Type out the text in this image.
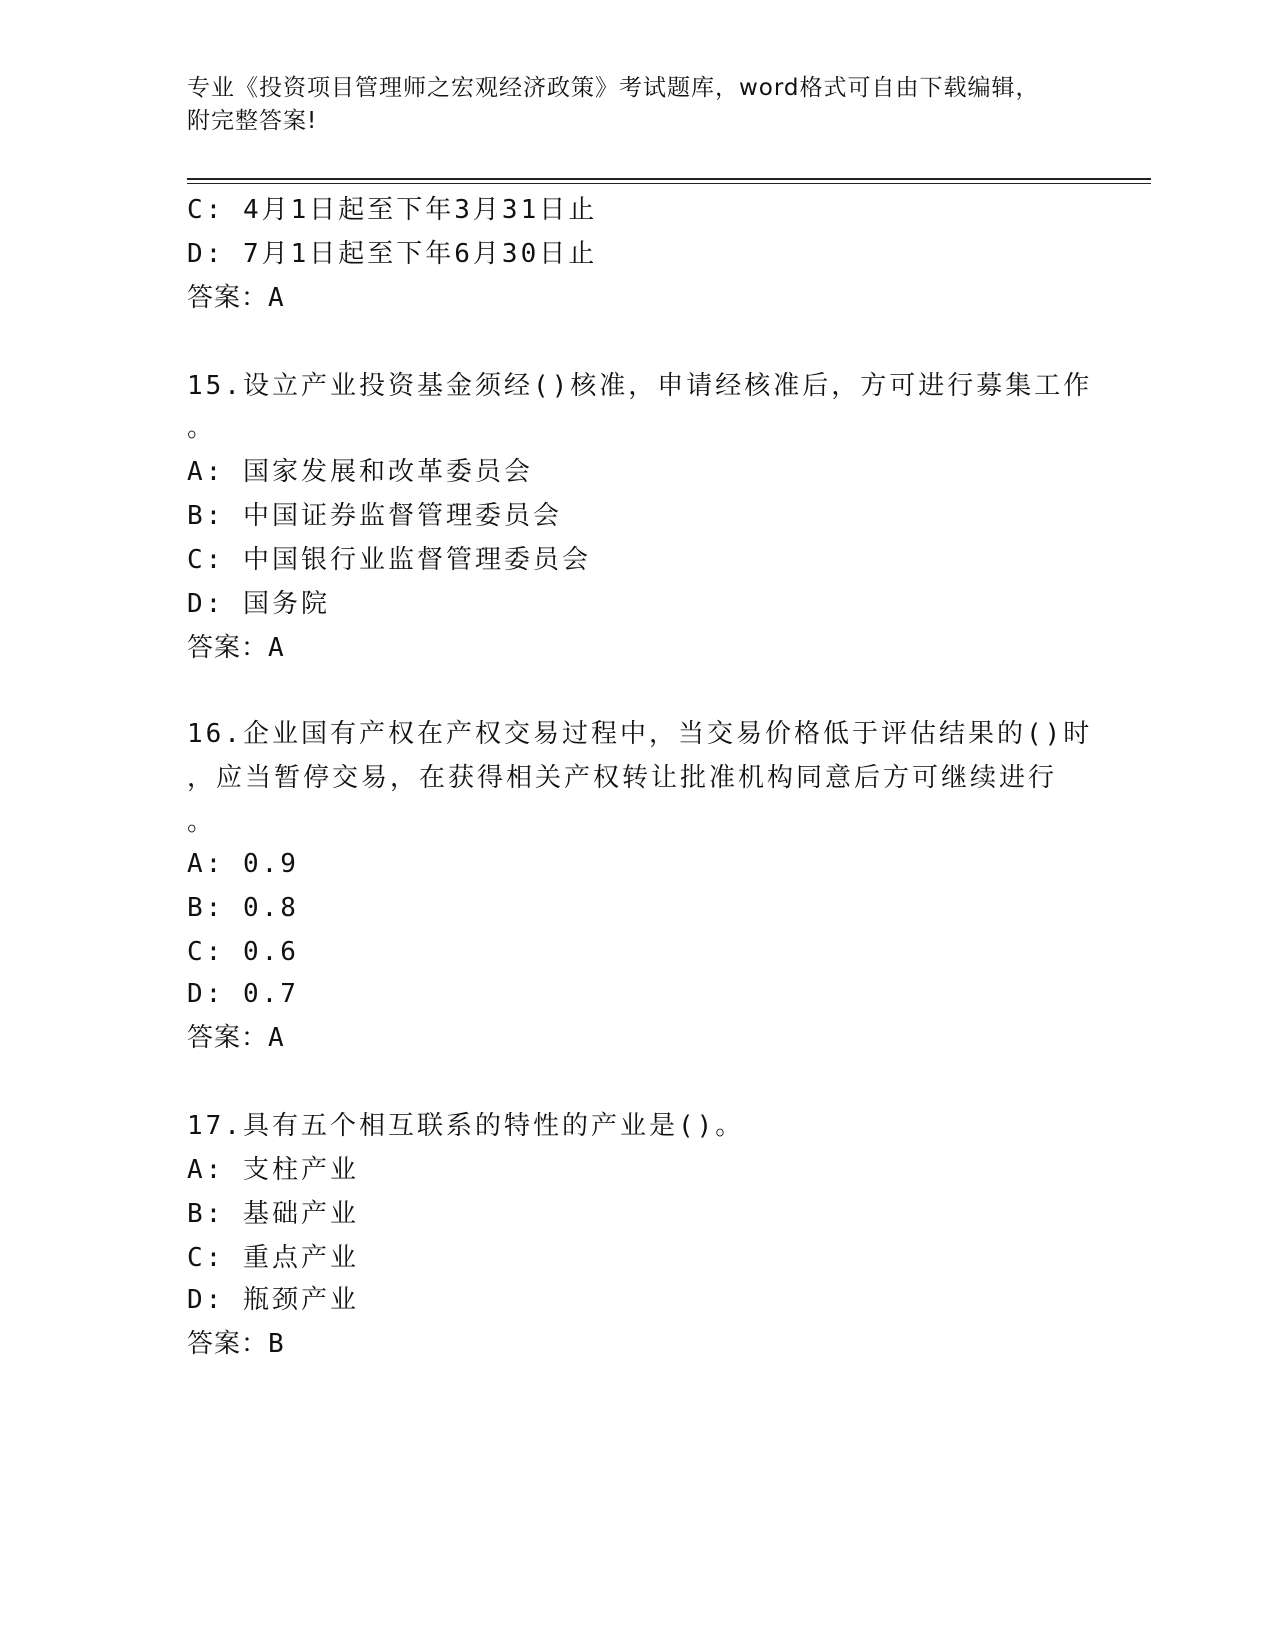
专业《投资项目管理师之宏观经济政策》考试题库，word格式可自由下载编辑，
附完整答案!
C: 4月1日起至下年3月31日止
D: 7月1日起至下年6月30日止
答案：A
15.设立产业投资基金须经()核准，申请经核准后，方可进行募集工作
。
A: 国家发展和改革委员会
B: 中国证券监督管理委员会
C: 中国银行业监督管理委员会
D: 国务院
答案：A
16.企业国有产权在产权交易过程中，当交易价格低于评估结果的()时
，应当暂停交易，在获得相关产权转让批准机构同意后方可继续进行
。
A: 0.9
B: 0.8
C: 0.6
D: 0.7
答案：A
17.具有五个相互联系的特性的产业是()。
A: 支柱产业
B: 基础产业
C: 重点产业
D: 瓶颈产业
答案：B
